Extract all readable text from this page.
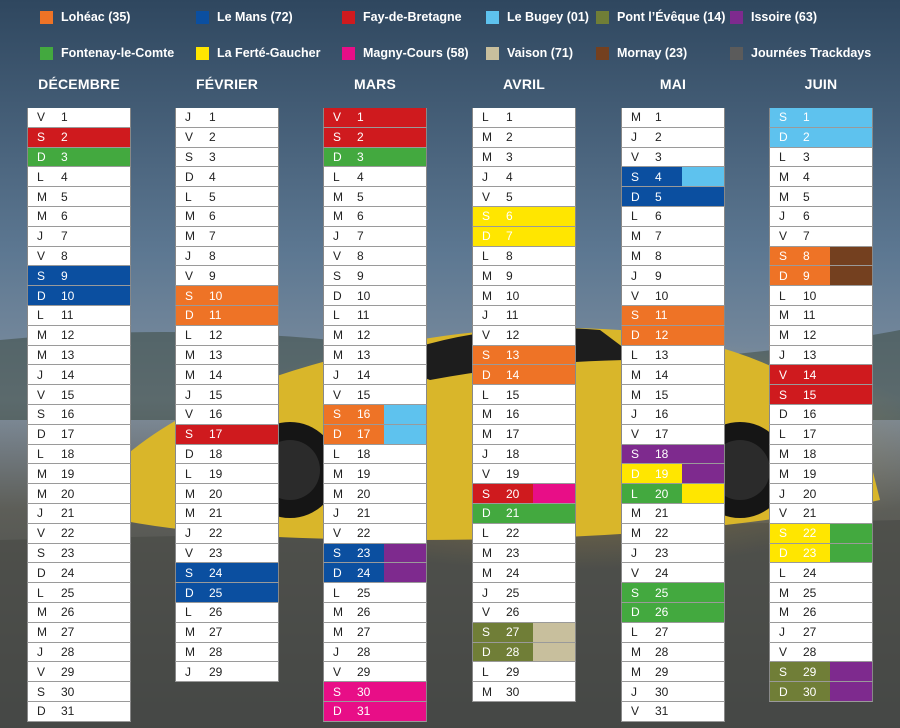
Lohéac (35)	Le Mans (72)	Fay-de-Bretagne	Le Bugey (01) Pont l’Évêque (14) Issoire (63)
Fontenay-le-Comte	La Ferté-Gaucher	Magny-Cours (58)	Vaison (71)	Mornay (23)	Journées Trackdays
DÉCEMBRE
V 1
S 2
D 3
L 4
M 5
M 6
J 7
V 8
S 9
D 10
L 11
M 12
M 13
J 14
V 15
S 16
D 17
L 18
M 19
M 20
J 21
V 22
S 23
D 24
L 25
M 26
M 27
J 28
V 29
S 30
D 31
FÉVRIER
J 1
V 2
S 3
D 4
L 5
M 6
M 7
J 8
V 9
S 10
D 11
L 12
M 13
M 14
J 15
V 16
S 17
D 18
L 19
M 20
M 21
J 22
V 23
S 24
D 25
L 26
M 27
M 28
J 29
MARS
V 1
S 2
D 3
L 4
M 5
M 6
J 7
V 8
S 9
D 10
L 11
M 12
M 13
J 14
V 15
S 16
D 17
L 18
M 19
M 20
J 21
V 22
S 23
D 24
L 25
M 26
M 27
J 28
V 29
S 30
D 31
AVRIL
L 1
M 2
M 3
J 4
V 5
S 6
D 7
L 8
M 9
M 10
J 11
V 12
S 13
D 14
L 15
M 16
M 17
J 18
V 19
S 20
D 21
L 22
M 23
M 24
J 25
V 26
S 27
D 28
L 29
M 30
MAI
M 1
J 2
V 3
S 4
D 5
L 6
M 7
M 8
J 9
V 10
S 11
D 12
L 13
M 14
M 15
J 16
V 17
S 18
D 19
L 20
M 21
M 22
J 23
V 24
S 25
D 26
L 27
M 28
M 29
J 30
V 31
JUIN
S 1
D 2
L 3
M 4
M 5
J 6
V 7
S 8
D 9
L 10
M 11
M 12
J 13
V 14
S 15
D 16
L 17
M 18
M 19
J 20
V 21
S 22
D 23
L 24
M 25
M 26
J 27
V 28
S 29
D 30
